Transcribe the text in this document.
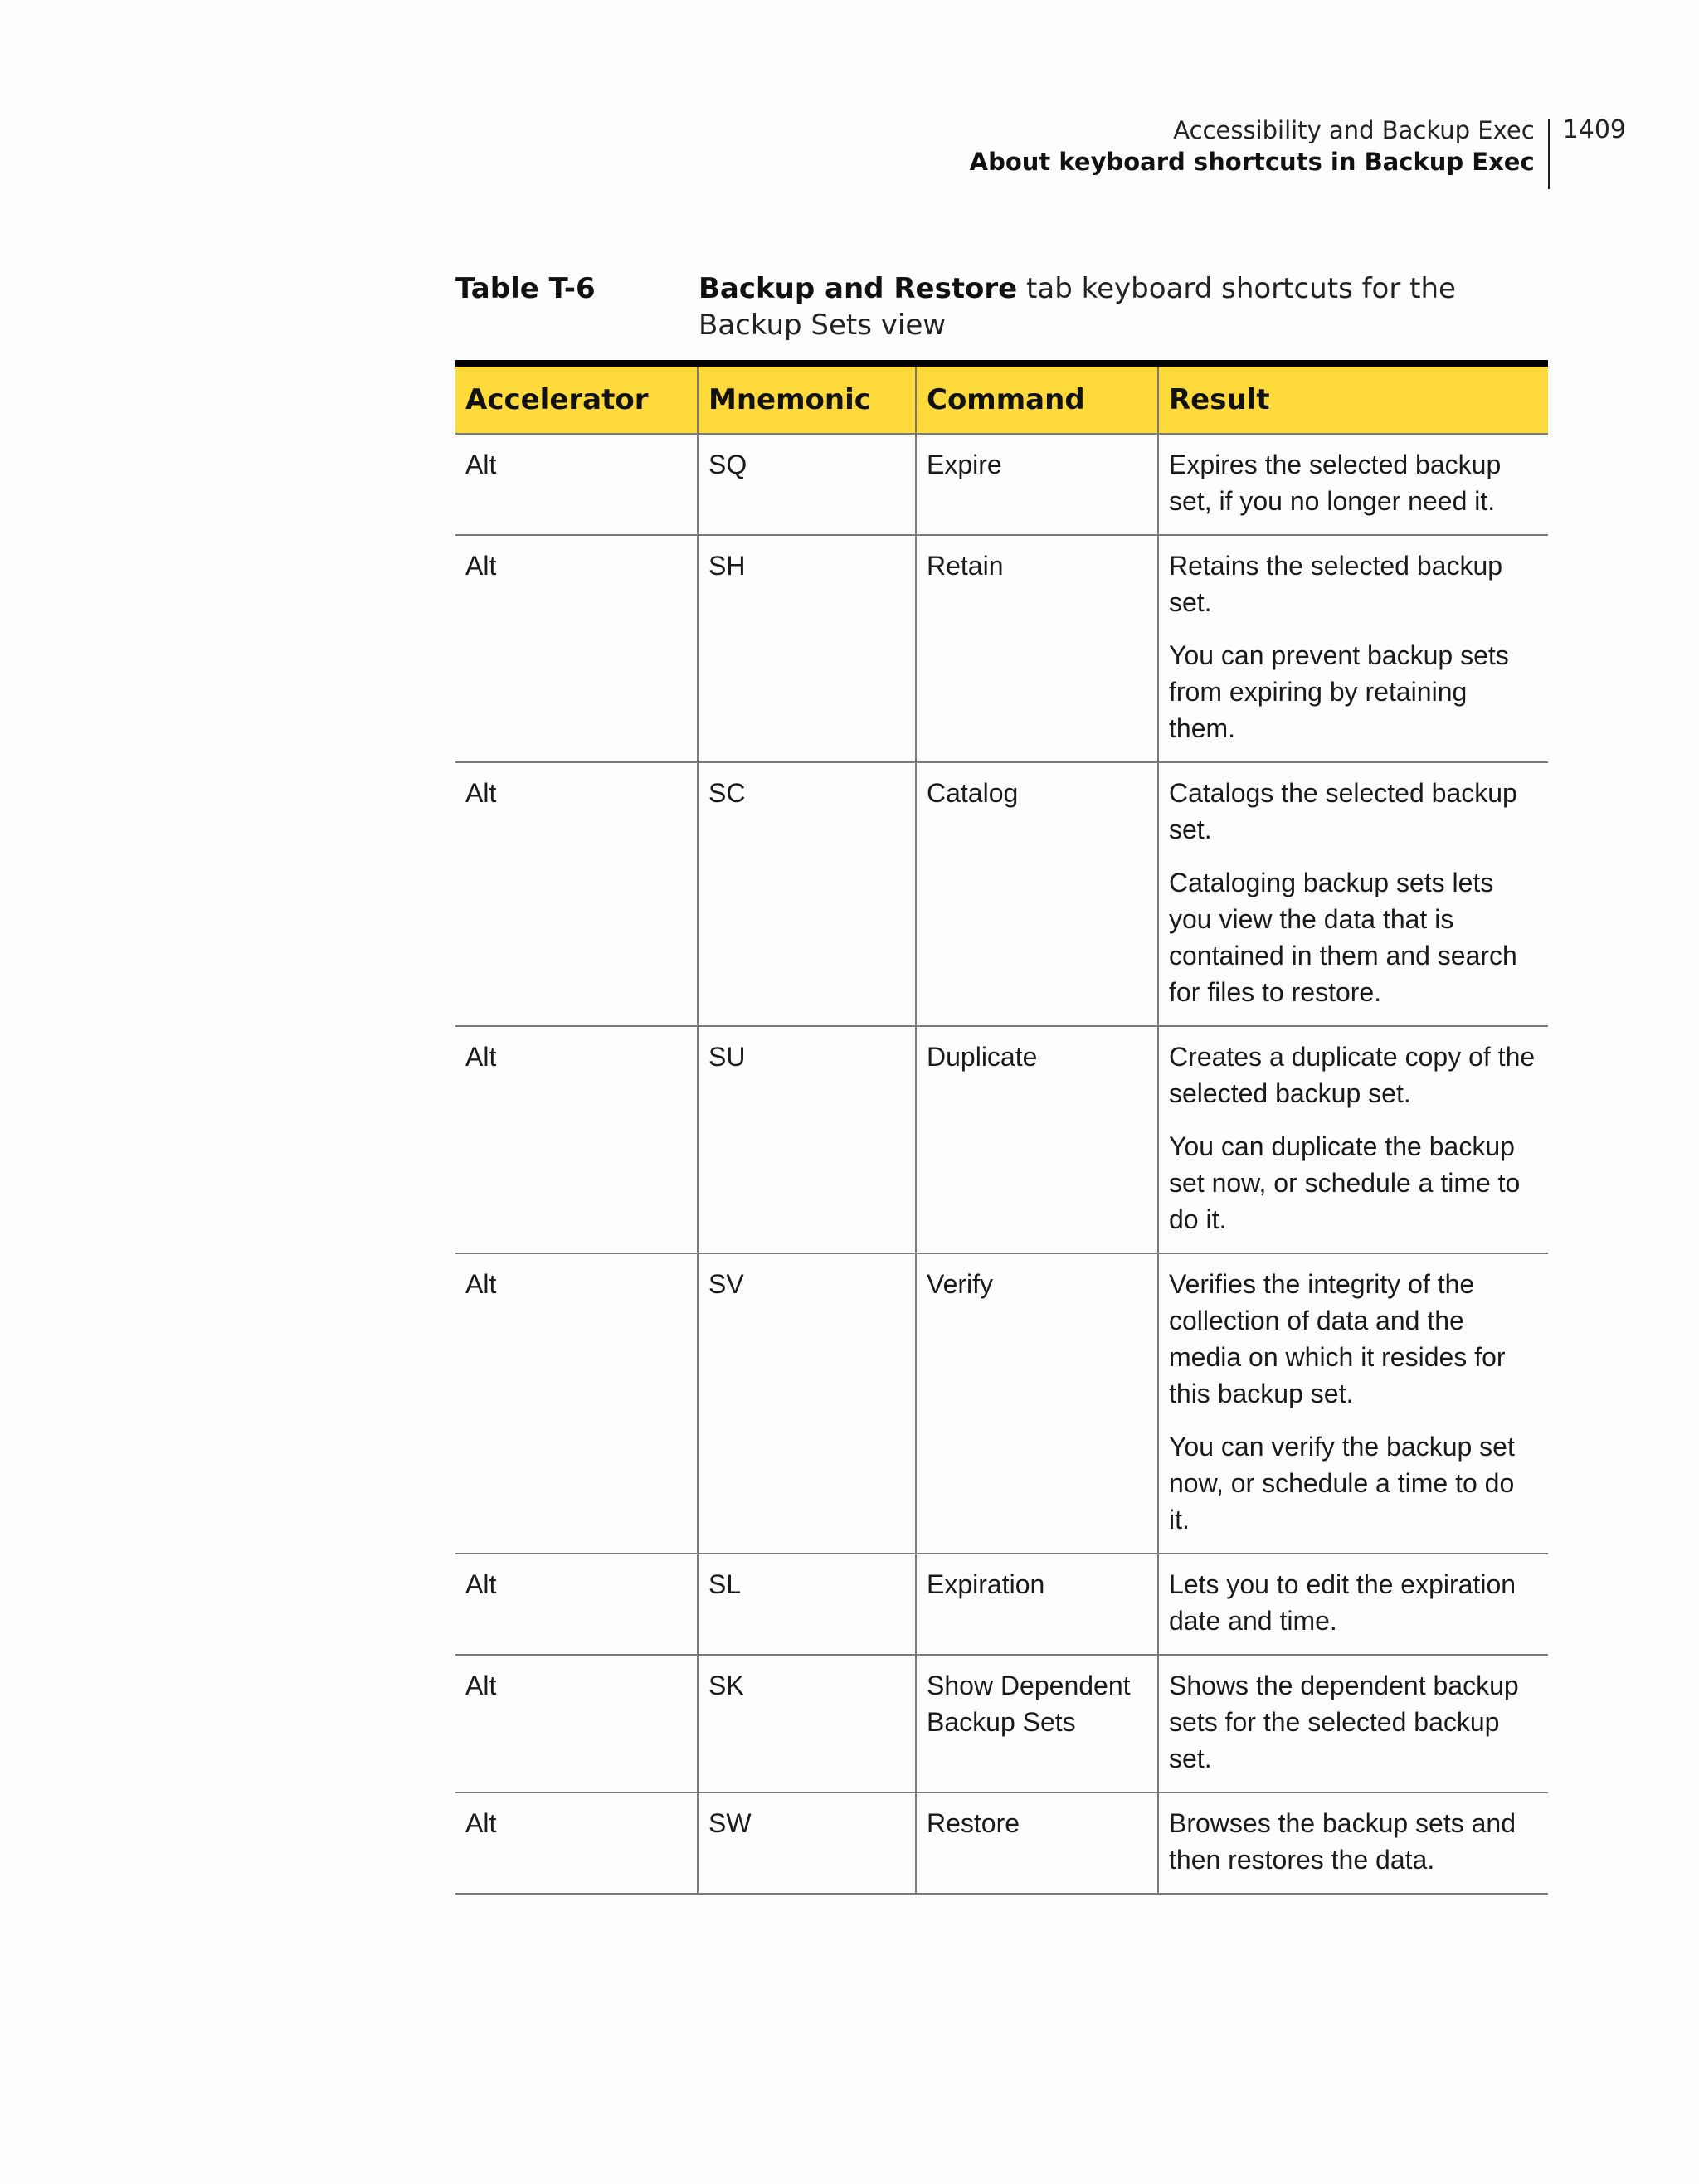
Accessibility and Backup Exec
About keyboard shortcuts in Backup Exec
1409
Table T-6	Backup and Restore tab keyboard shortcuts for the Backup Sets view
Accelerator	Mnemonic	Command	Result
Alt	SQ	Expire	Expires the selected backup set, if you no longer need it.

Alt	SH	Retain	Retains the selected backup set.

You can prevent backup sets from expiring by retaining them.

Alt	SC	Catalog	Catalogs the selected backup set.

Cataloging backup sets lets you view the data that is contained in them and search for files to restore.

Alt	SU	Duplicate	Creates a duplicate copy of the selected backup set.

You can duplicate the backup set now, or schedule a time to do it.

Alt	SV	Verify	Verifies the integrity of the collection of data and the media on which it resides for this backup set.

You can verify the backup set now, or schedule a time to do it.

Alt	SL	Expiration	Lets you to edit the expiration date and time.

Alt	SK	Show Dependent Backup Sets	Shows the dependent backup sets for the selected backup set.

Alt	SW	Restore	Browses the backup sets and then restores the data.
